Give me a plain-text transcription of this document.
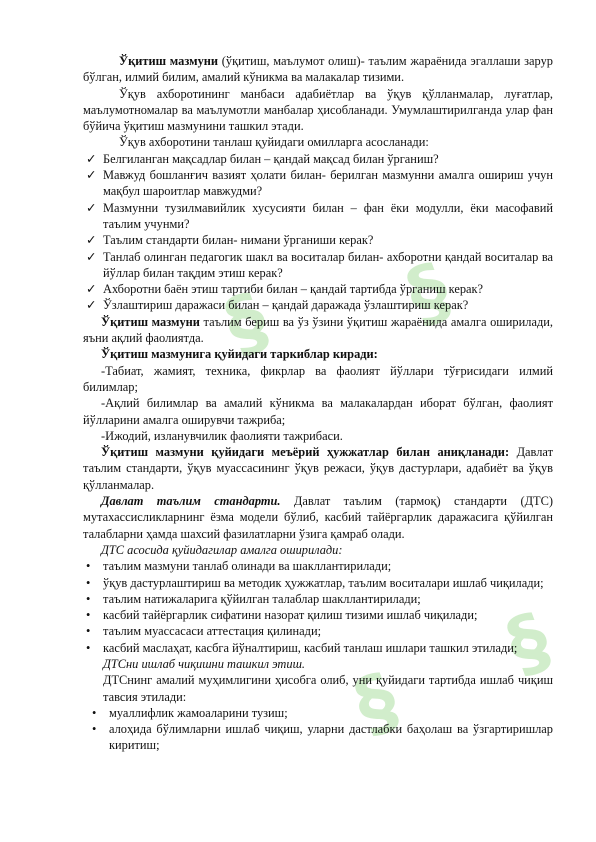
§ §
§
§

Ўқитиш мазмуни (ўқитиш, маълумот олиш)- таълим жараёнида эгаллаши зарур бўлган, илмий билим, амалий кўникма ва малакалар тизими.

Ўқув ахборотининг манбаси адабиётлар ва ўқув қўлланмалар, луғатлар, маълумотномалар ва маълумотли манбалар ҳисобланади. Умумлаштирилганда улар фан бўйича ўқитиш мазмунини ташкил этади.

Ўқув ахборотини танлаш қуйидаги омилларга асосланади:

✓ Белгиланган мақсадлар билан – қандай мақсад билан ўрганиш?
✓ Мавжуд бошланғич вазият ҳолати билан- берилган мазмунни амалга ошириш учун мақбул шароитлар мавжудми?
✓ Мазмунни тузилмавийлик хусусияти билан – фан ёки модулли, ёки масофавий таълим учунми?
✓ Таълим стандарти билан- нимани ўрганиши керак?
✓ Танлаб олинган педагогик шакл ва воситалар билан- ахборотни қандай воситалар ва йўллар билан тақдим этиш керак?
✓ Ахборотни баён этиш тартиби билан – қандай тартибда ўрганиш керак?
✓ Ўзлаштириш даражаси билан – қандай даражада ўзлаштириш керак?

Ўқитиш мазмуни таълим бериш ва ўз ўзини ўқитиш жараёнида амалга оширилади, яъни ақлий фаолиятда.

Ўқитиш мазмунига қуйидаги таркиблар киради:

-Табиат, жамият, техника, фикрлар ва фаолият йўллари тўғрисидаги илмий билимлар;

-Ақлий билимлар ва амалий кўникма ва малакалардан иборат бўлган, фаолият йўлларини амалга оширувчи тажриба;

-Ижодий, изланувчилик фаолияти тажрибаси.

Ўқитиш мазмуни қуйидаги меъёрий ҳужжатлар билан аниқланади: Давлат таълим стандарти, ўқув муассасининг ўқув режаси, ўқув дастурлари, адабиёт ва ўқув қўлланмалар.

Давлат таълим стандарти. Давлат таълим (тармоқ) стандарти (ДТС) мутахассисликларнинг ёзма модели бўлиб, касбий тайёргарлик даражасига қўйилган талабларни ҳамда шахсий фазилатларни ўзига қамраб олади.

ДТС асосида қуйидагилар амалга оширилади:

• таълим мазмуни танлаб олинади ва шакллантирилади;
• ўқув дастурлаштириш ва методик ҳужжатлар, таълим воситалари ишлаб чиқилади;
• таълим натижаларига қўйилган талаблар шакллантирилади;
• касбий тайёргарлик сифатини назорат қилиш тизими ишлаб чиқилади;
• таълим муассасаси аттестация қилинади;
• касбий маслаҳат, касбга йўналтириш, касбий танлаш ишлари ташкил этилади;

ДТСни ишлаб чиқишни ташкил этиш.

ДТСнинг амалий муҳимлигини ҳисобга олиб, уни қуйидаги тартибда ишлаб чиқиш тавсия этилади:

• муаллифлик жамоаларини тузиш;
• алоҳида бўлимларни ишлаб чиқиш, уларни дастлабки баҳолаш ва ўзгартиришлар киритиш;
